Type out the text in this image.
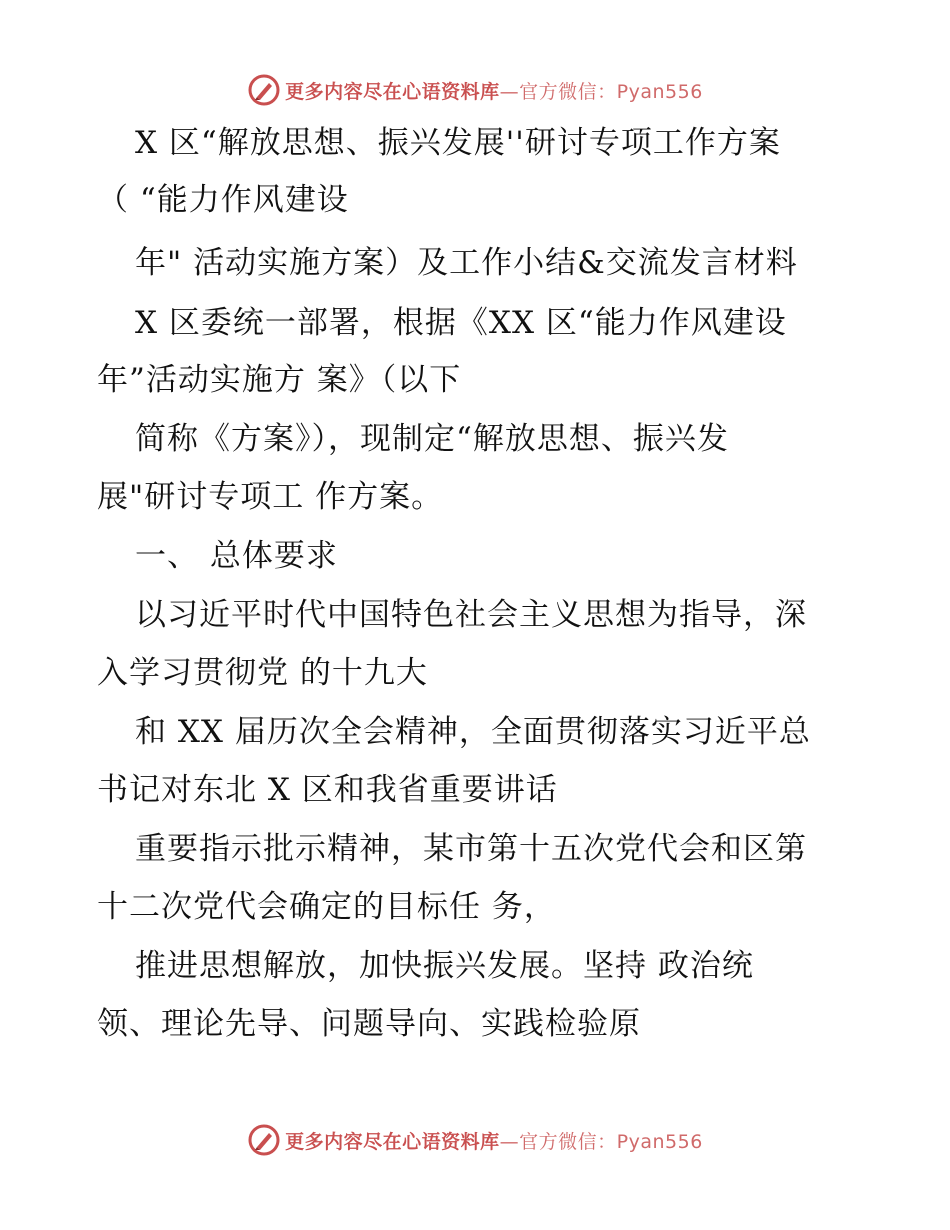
更多内容尽在心语资料库—官方微信：Pyan556
X 区“解放思想、振兴发展''研讨专项工作方案
（ “能力作风建设
年" 活动实施方案）及工作小结&交流发言材料
X 区委统一部署，根据《XX 区“能力作风建设
年”活动实施方 案》（以下
简称《方案》），现制定“解放思想、振兴发
展"研讨专项工 作方案。
一、 总体要求
以习近平时代中国特色社会主义思想为指导，深
入学习贯彻党 的十九大
和 XX 届历次全会精神，全面贯彻落实习近平总
书记对东北 X 区和我省重要讲话
重要指示批示精神，某市第十五次党代会和区第
十二次党代会确定的目标任 务，
推进思想解放，加快振兴发展。坚持 政治统
领、理论先导、问题导向、实践检验原
更多内容尽在心语资料库—官方微信：Pyan556
